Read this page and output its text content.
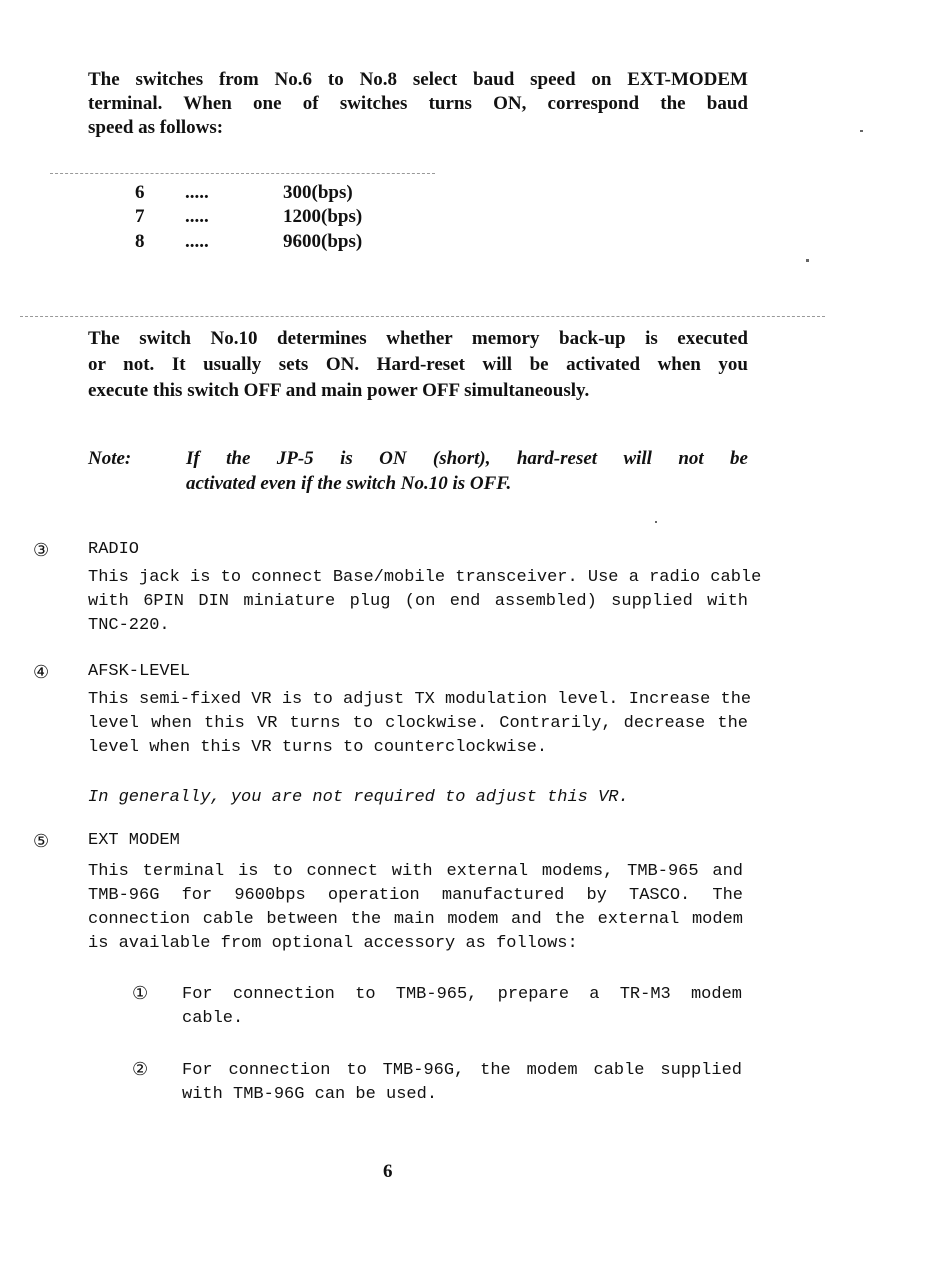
The switches from No.6 to No.8 select baud speed on EXT-MODEM
terminal. When one of switches turns ON, correspond the baud
speed as follows:
6 .....	300(bps)
7 .....	1200(bps)
8 .....	9600(bps)
The switch No.10 determines whether memory back-up is executed
or not. It usually sets ON. Hard-reset will be activated when you
execute this switch OFF and main power OFF simultaneously.
Note:	If the JP-5 is ON (short), hard-reset will not be
activated even if the switch No.10 is OFF.
③ RADIO
This jack is to connect Base/mobile transceiver. Use a radio cable
with 6PIN DIN miniature plug (on end assembled) supplied with
TNC-220.
④ AFSK-LEVEL
This semi-fixed VR is to adjust TX modulation level. Increase the
level when this VR turns to clockwise. Contrarily, decrease the
level when this VR turns to counterclockwise.
In generally, you are not required to adjust this VR.
⑤ EXT MODEM
This terminal is to connect with external modems, TMB-965 and
TMB-96G for 9600bps operation manufactured by TASCO. The
connection cable between the main modem and the external modem
is available from optional accessory as follows:
① For connection to TMB-965, prepare a TR-M3 modem
cable.
② For connection to TMB-96G, the modem cable supplied
with TMB-96G can be used.
6
